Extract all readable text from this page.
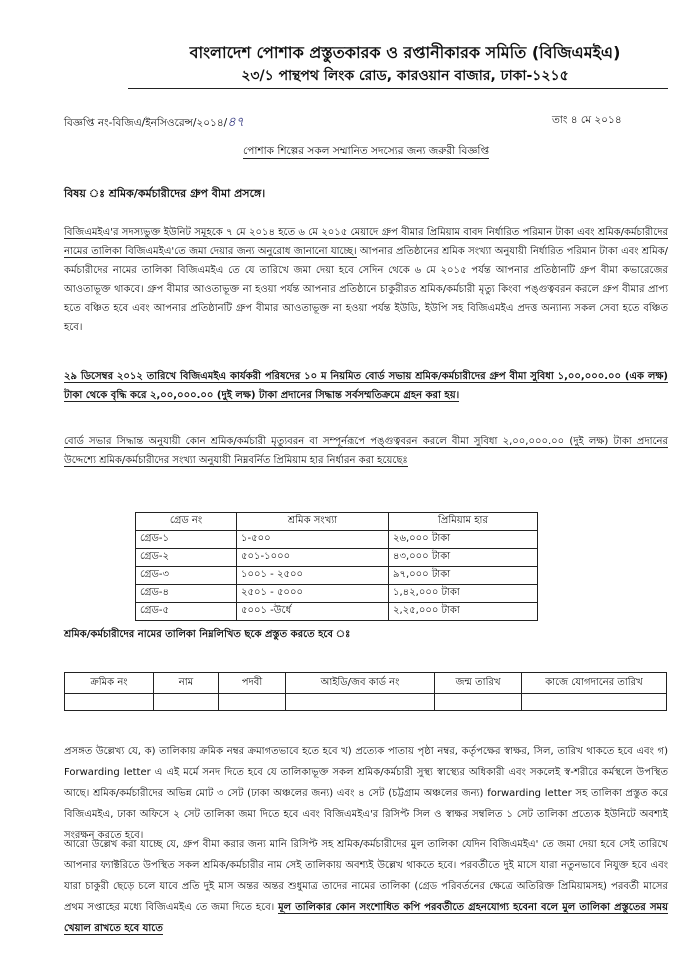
বাংলাদেশ পোশাক প্রস্তুতকারক ও রপ্তানীকারক সমিতি (বিজিএমইএ)
২৩/১ পান্থপথ লিংক রোড, কারওয়ান বাজার, ঢাকা-১২১৫
বিজ্ঞপ্তি নং-বিজিএ/ইনসিওরেন্স/২০১৪/৪৭	তাং ৪ মে ২০১৪
পোশাক শিল্পের সকল সম্মানিত সদস্যের জন্য জরুরী বিজ্ঞপ্তি
বিষয় ঃ শ্রমিক/কর্মচারীদের গ্রুপ বীমা প্রসঙ্গে।
বিজিএমইএ'র সদস্যভুক্ত ইউনিট সমূহকে ৭ মে ২০১৪ হতে ৬ মে ২০১৫ মেয়াদে গ্রুপ বীমার প্রিমিয়াম বাবদ নির্ধারিত পরিমান টাকা এবং শ্রমিক/কর্মচারীদের নামের তালিকা বিজিএমইএ'তে জমা দেয়ার জন্য অনুরোধ জানানো যাচ্ছে। আপনার প্রতিষ্ঠানের শ্রমিক সংখ্যা অনুযায়ী নির্ধারিত পরিমান টাকা এবং শ্রমিক/কর্মচারীদের নামের তালিকা বিজিএমইএ তে যে তারিখে জমা দেয়া হবে সেদিন থেকে ৬ মে ২০১৫ পর্যন্ত আপনার প্রতিষ্ঠানটি গ্রুপ বীমা কভারেজের আওতাভূক্ত থাকবে। গ্রুপ বীমার আওতাভূক্ত না হওয়া পর্যন্ত আপনার প্রতিষ্ঠানে চাকুরীরত শ্রমিক/কর্মচারী মৃত্যু কিংবা পঙ্গুত্ববরন করলে গ্রুপ বীমার প্রাপ্য হতে বঞ্চিত হবে এবং আপনার প্রতিষ্ঠানটি গ্রুপ বীমার আওতাভূক্ত না হওয়া পর্যন্ত ইউডি, ইউপি সহ বিজিএমইএ প্রদত্ত অন্যান্য সকল সেবা হতে বঞ্চিত হবে।
২৯ ডিসেম্বর ২০১২ তারিখে বিজিএমইএ কার্যকরী পরিষদের ১০ ম নিয়মিত বোর্ড সভায় শ্রমিক/কর্মচারীদের গ্রুপ বীমা সুবিধা ১,০০,০০০.০০ (এক লক্ষ) টাকা থেকে বৃদ্ধি করে ২,০০,০০০.০০ (দুই লক্ষ) টাকা প্রদানের সিদ্ধান্ত সর্বসম্মতিক্রমে গ্রহন করা হয়।
বোর্ড সভার সিদ্ধান্ত অনুযায়ী কোন শ্রমিক/কর্মচারী মৃত্যুবরন বা সম্পূর্নরূপে পঙ্গুত্ববরন করলে বীমা সুবিধা ২,০০,০০০.০০ (দুই লক্ষ) টাকা প্রদানের উদ্দেশ্যে শ্রমিক/কর্মচারীদের সংখ্যা অনুযায়ী নিম্নবর্নিত প্রিমিয়াম হার নির্ধারন করা হয়েছেঃ
গ্রেড নং	শ্রমিক সংখ্যা	প্রিমিয়াম হার
গ্রেড-১	১-৫০০	২৬,০০০ টাকা
গ্রেড-২	৫০১-১০০০	৪৩,০০০ টাকা
গ্রেড-৩	১০০১ - ২৫০০	৯৭,০০০ টাকা
গ্রেড-৪	২৫০১ - ৫০০০	১,৪২,০০০ টাকা
গ্রেড-৫	৫০০১ -উর্ধে	২,২৫,০০০ টাকা
শ্রমিক/কর্মচারীদের নামের তালিকা নিম্নলিখিত ছকে প্রস্তুত করতে হবে ঃ
ক্রমিক নং	নাম	পদবী	আইডি/জব কার্ড নং	জন্ম তারিখ	কাজে যোগদানের তারিখ

প্রসঙ্গত উল্লেখ্য যে, ক) তালিকায় ক্রমিক নম্বর ক্রমাগতভাবে হতে হবে খ) প্রত্যেক পাতায় পৃষ্ঠা নম্বর, কর্তৃপক্ষের স্বাক্ষর, সিল, তারিখ থাকতে হবে এবং গ) Forwarding letter এ এই মর্মে সনদ দিতে হবে যে তালিকাভূক্ত সকল শ্রমিক/কর্মচারী সুস্থ্য স্বাস্থ্যের অধিকারী এবং সকলেই স্ব-শরীরে কর্মস্থলে উপস্থিত আছে। শ্রমিক/কর্মচারীদের অভিন্ন মোট ৩ সেট (ঢাকা অঞ্চলের জন্য) এবং ৪ সেট (চট্টগ্রাম অঞ্চলের জন্য) forwarding letter সহ তালিকা প্রস্তুত করে বিজিএমইএ, ঢাকা অফিসে ২ সেট তালিকা জমা দিতে হবে এবং বিজিএমইএ'র রিসিপ্ট সিল ও স্বাক্ষর সম্বলিত ১ সেট তালিকা প্রত্যেক ইউনিটে অবশ্যই সংরক্ষন করতে হবে।
আরো উল্লেখ করা যাচ্ছে যে, গ্রুপ বীমা করার জন্য মানি রিসিপ্ট সহ শ্রমিক/কর্মচারীদের মুল তালিকা যেদিন বিজিএমইএ' তে জমা দেয়া হবে সেই তারিখে আপনার ফ্যাক্টরিতে উপস্থিত সকল শ্রমিক/কর্মচারীর নাম সেই তালিকায় অবশ্যই উল্লেখ থাকতে হবে। পরবর্তীতে দুই মাসে যারা নতুনভাবে নিযুক্ত হবে এবং যারা চাকুরী ছেড়ে চলে যাবে প্রতি দুই মাস অন্তর অন্তর শুধুমাত্র তাদের নামের তালিকা (গ্রেড পরিবর্তনের ক্ষেত্রে অতিরিক্ত প্রিমিয়ামসহ) পরবর্তী মাসের প্রথম সপ্তাহের মধ্যে বিজিএমইএ তে জমা দিতে হবে। মূল তালিকার কোন সংশোধিত কপি পরবর্তীতে গ্রহনযোগ্য হবেনা বলে মুল তালিকা প্রস্তুতের সময় খেয়াল রাখতে হবে যাতে
